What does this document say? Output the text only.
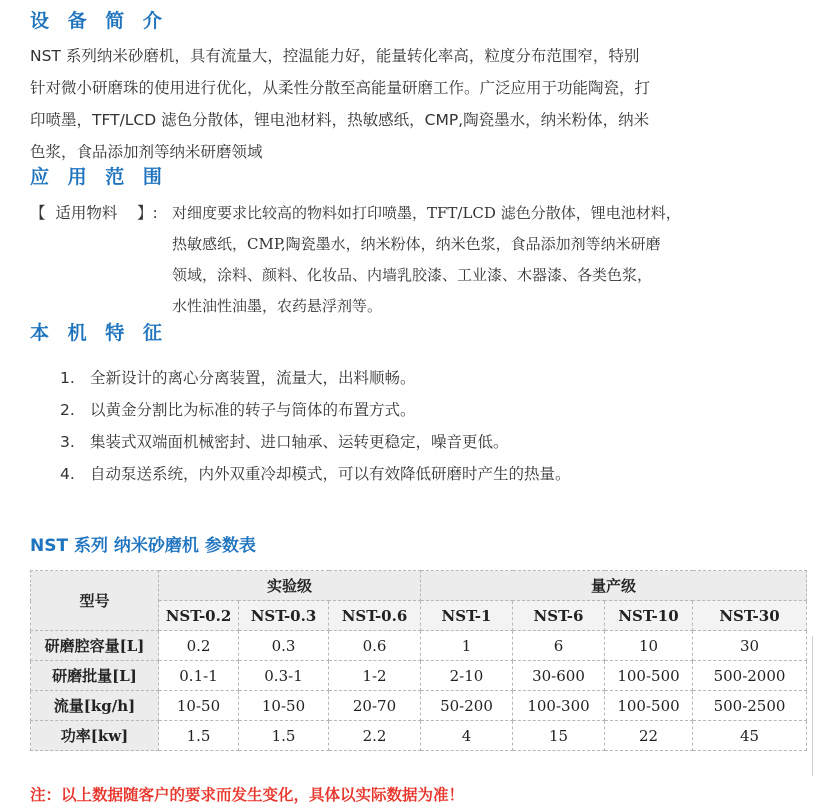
设 备 简 介
NST 系列纳米砂磨机，具有流量大，控温能力好，能量转化率高，粒度分布范围窄，特别
针对微小研磨珠的使用进行优化，从柔性分散至高能量研磨工作。广泛应用于功能陶瓷，打
印喷墨，TFT/LCD 滤色分散体，锂电池材料，热敏感纸，CMP,陶瓷墨水，纳米粉体，纳米
色浆，食品添加剂等纳米研磨领域
应 用 范 围
【  适用物料    】: 对细度要求比较高的物料如打印喷墨，TFT/LCD 滤色分散体，锂电池材料，
热敏感纸，CMP,陶瓷墨水，纳米粉体，纳米色浆，食品添加剂等纳米研磨
领域，涂料、颜料、化妆品、内墙乳胶漆、工业漆、木器漆、各类色浆，
水性油性油墨，农药悬浮剂等。
本 机 特 征
1. 全新设计的离心分离装置，流量大，出料顺畅。
2. 以黄金分割比为标准的转子与筒体的布置方式。
3. 集装式双端面机械密封、进口轴承、运转更稳定，噪音更低。
4. 自动泵送系统，内外双重冷却模式，可以有效降低研磨时产生的热量。
NST 系列 纳米砂磨机 参数表
型号	实验级			量产级			
	NST-0.2	NST-0.3	NST-0.6	NST-1	NST-6	NST-10	NST-30
研磨腔容量[L]	0.2	0.3	0.6	1	6	10	30
研磨批量[L]	0.1-1	0.3-1	1-2	2-10	30-600	100-500	500-2000
流量[kg/h]	10-50	10-50	20-70	50-200	100-300	100-500	500-2500
功率[kw]	1.5	1.5	2.2	4	15	22	45

注：以上数据随客户的要求而发生变化，具体以实际数据为准！
